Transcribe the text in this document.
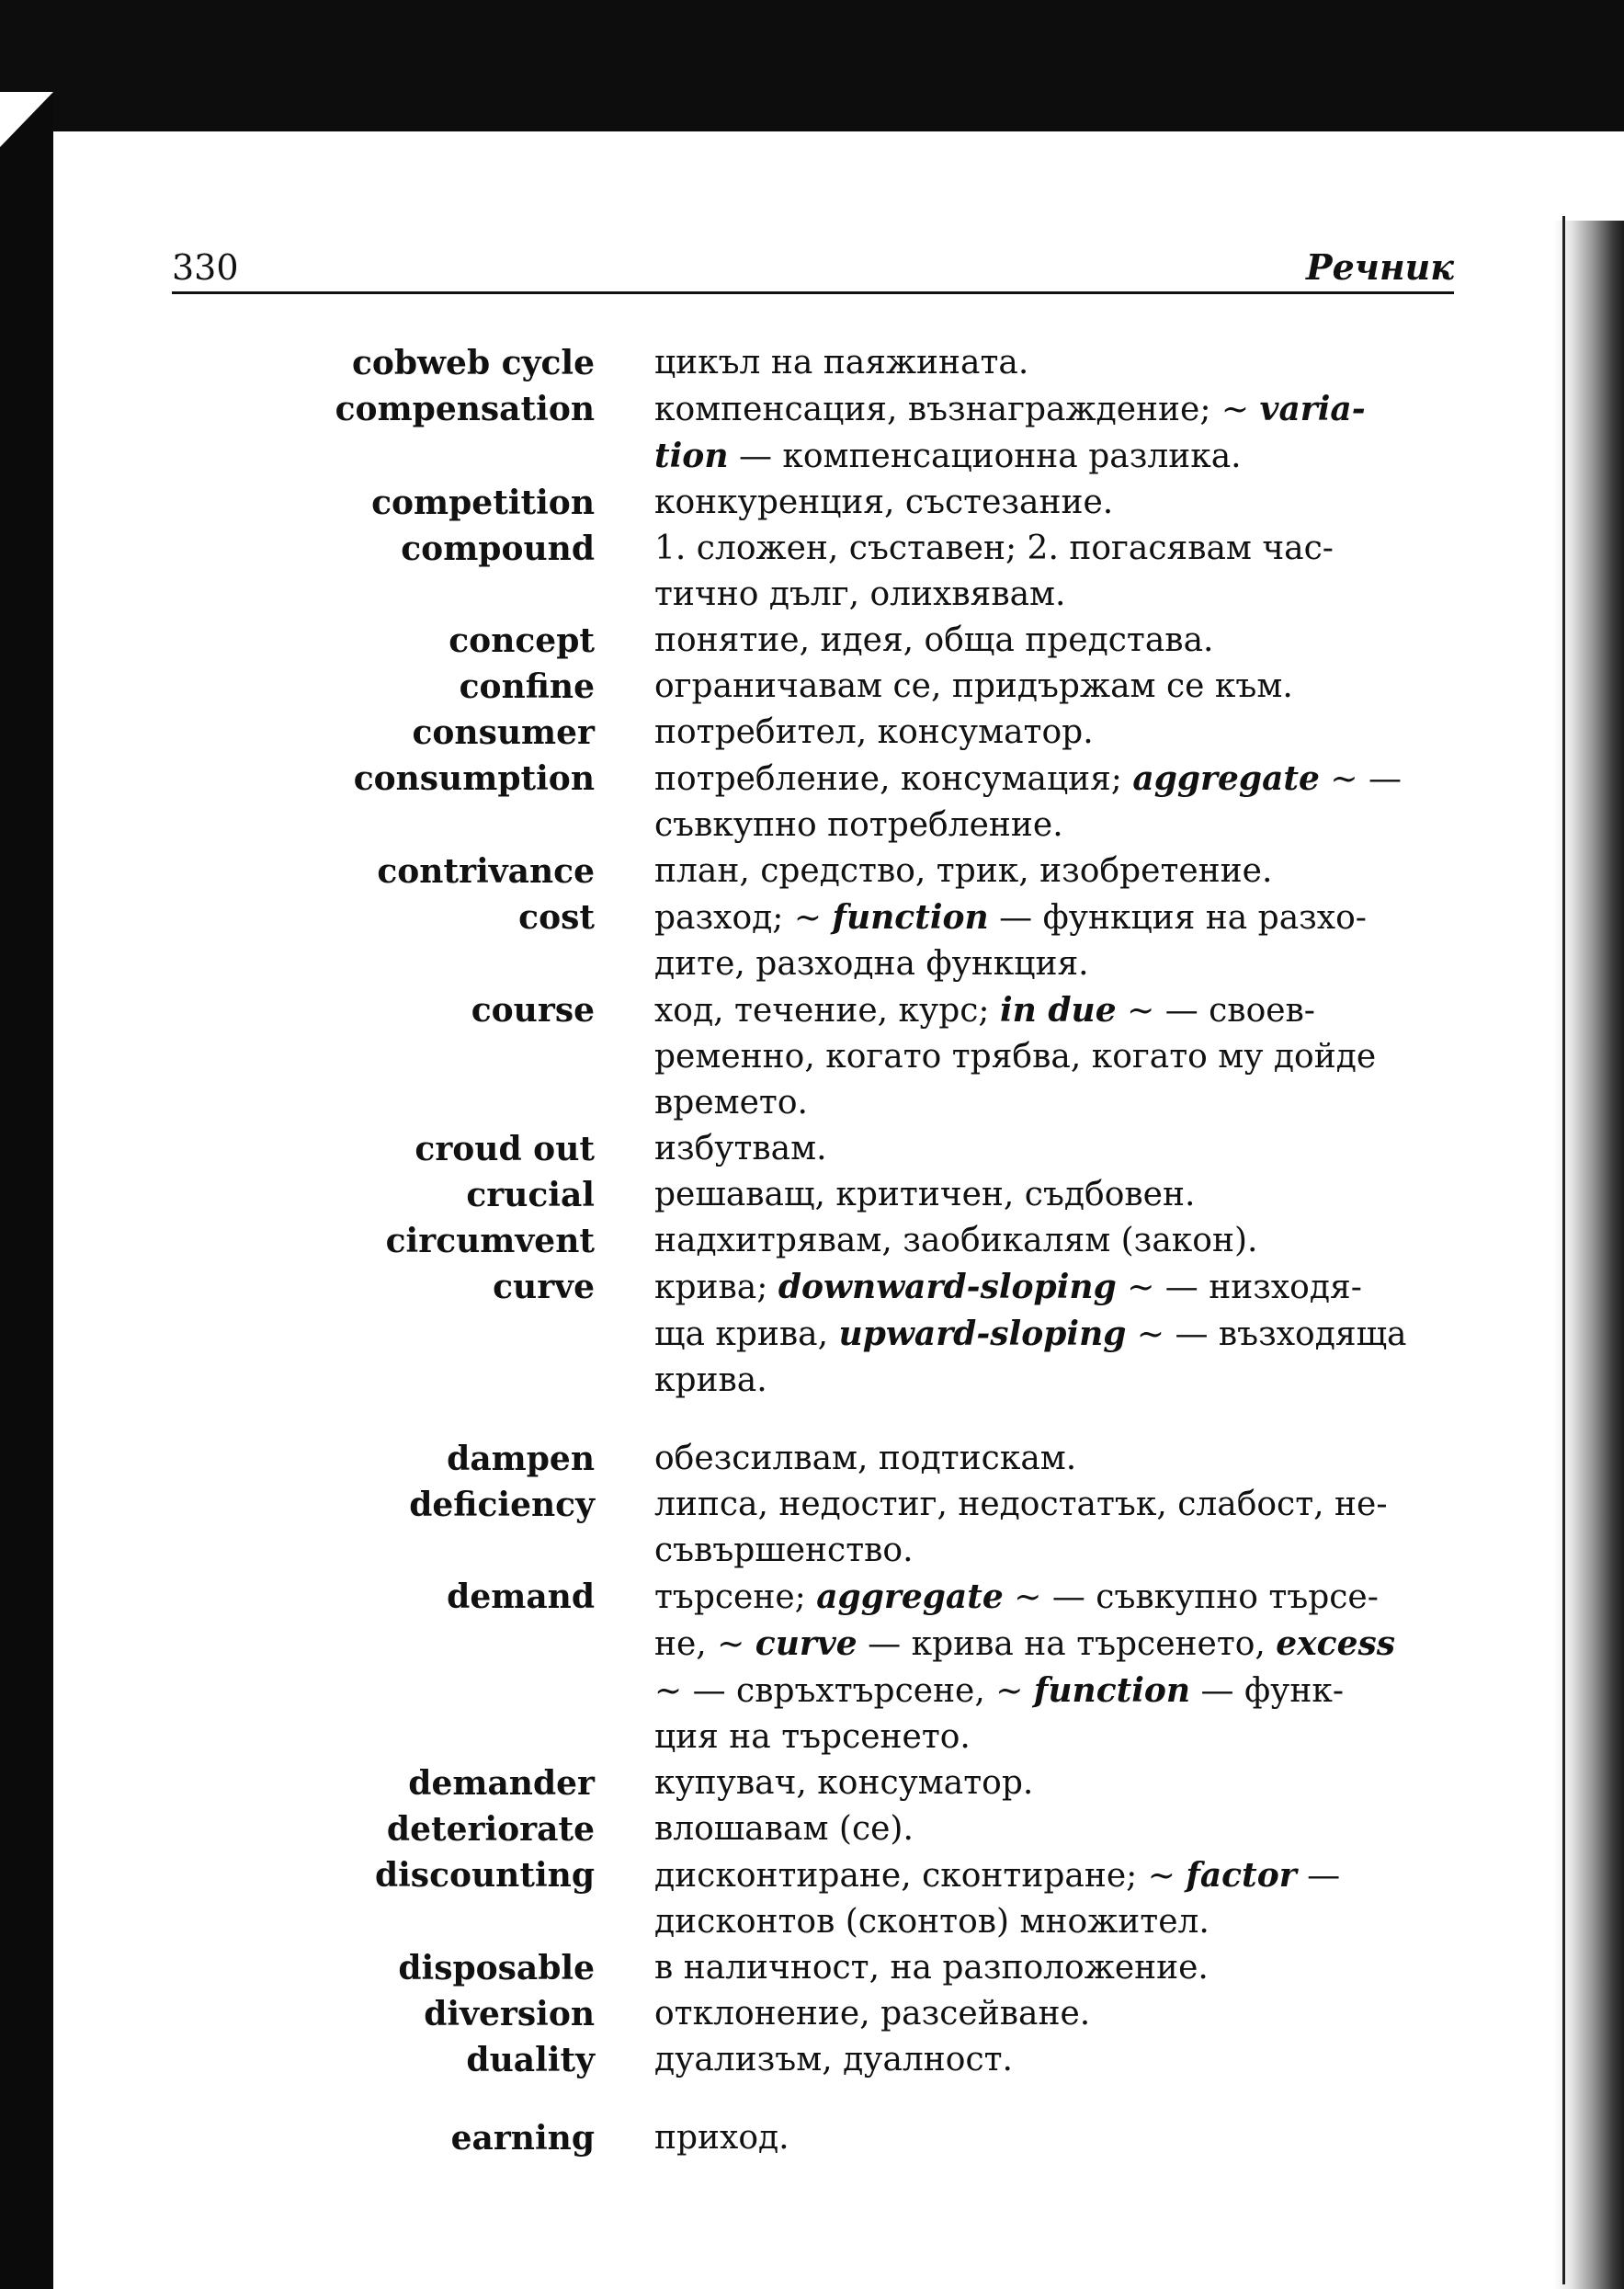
330	Речник
cobweb cycle цикъл на паяжината.
compensation компенсация, възнаграждение; ~ varia-
tion — компенсационна разлика.
competition конкуренция, състезание.
compound 1. сложен, съставен; 2. погасявам час-
тично дълг, олихвявам.
concept понятие, идея, обща представа.
confine ограничавам се, придържам се към.
consumer потребител, консуматор.
consumption потребление, консумация; aggregate ~ —
съвкупно потребление.
contrivance план, средство, трик, изобретение.
cost разход; ~ function — функция на разхо-
дите, разходна функция.
course ход, течение, курс; in due ~ — своев-
ременно, когато трябва, когато му дойде
времето.
croud out избутвам.
crucial решаващ, критичен, съдбовен.
circumvent надхитрявам, заобикалям (закон).
curve крива; downward-sloping ~ — низходя-
ща крива, upward-sloping ~ — възходяща
крива.
dampen обезсилвам, подтискам.
deficiency липса, недостиг, недостатък, слабост, не-
съвършенство.
demand търсене; aggregate ~ — съвкупно търсе-
не, ~ curve — крива на търсенето, excess
~ — свръхтърсене, ~ function — функ-
ция на търсенето.
demander купувач, консуматор.
deteriorate влошавам (се).
discounting дисконтиране, сконтиране; ~ factor —
дисконтов (сконтов) множител.
disposable в наличност, на разположение.
diversion отклонение, разсейване.
duality дуализъм, дуалност.
earning приход.
